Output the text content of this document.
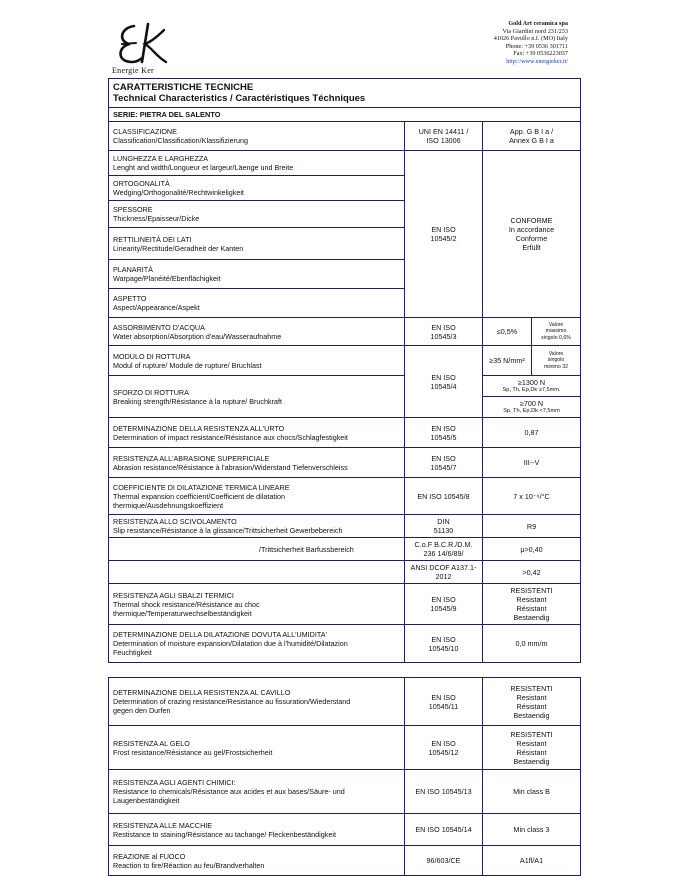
Energie Ker
Gold Art ceramica spa
Via Giardini nord 231/233
41026 Pavullo n.f. (MO) Italy
Phone: +39 0536 301711
Fax: +39 0536223037
http://www.energieker.it/
CARATTERISTICHE TECNICHE
Technical Characteristics / Caractéristiques Téchniques			

SERIE: PIETRA DEL SALENTO			

CLASSIFICAZIONE
Classification/Classification/Klassifizierung	UNI EN 14411 /
ISO 13006	App. G B I a /
Annex G B I a	

LUNGHEZZA E LARGHEZZA
Lenght and width/Longueur et largeur/Läenge und Breite	EN ISO
10545/2	CONFORME
In accordance
Conforme
Erfüllt	

ORTOGONALITÀ
Wedging/Orthogonalité/Rechtwinkeligkeit			

SPESSORE
Thickness/Epaisseur/Dicke			

RETTILINEITÀ DEI LATI
Linearity/Rectitude/Geradheit der Kanten			

PLANARITÀ
Warpage/Planéité/Ebenflächigkeit			

ASPETTO
Aspect/Appearance/Aspekt			

ASSORBIMENTO D'ACQUA
Water absorption/Absorption d'eau/Wasseraufnahme	EN ISO
10545/3	≤0,5%	Valore
massimo
singolo 0,6%

MODULO DI ROTTURA
Modul of rupture/ Module de rupture/ Bruchlast	EN ISO
10545/4	≥35 N/mm²	Valore
singolo
minimo 32

SFORZO DI ROTTURA
Breaking strength/Résistance à la rupture/ Bruchkraft		≥1300 N
Sp, Th, Ep,Dk ≥7,5mm.	

		≥700 N
Sp, Th, Ep,Dk <7,5mm	

DETERMINAZIONE DELLA RESISTENZA ALL'URTO
Determination of impact resistance/Résistance aux chocs/Schlagfestigkeit	EN ISO
10545/5	0,87	

RESISTENZA ALL'ABRASIONE SUPERFICIALE
Abrasion resistance/Résistance à l'abrasion/Widerstand Tiefenverschleiss	EN ISO
10545/7	III--V	

COEFFICIENTE DI DILATAZIONE TERMICA LINEARE
Thermal expansion coefficient/Coefficient de dilatation
thermique/Ausdehnungskoeffizient	EN ISO 10545/8	7 x 10⁻⁶/°C	

RESISTENZA ALLO SCIVOLAMENTO
Slip resistance/Résistance à la glissance/Trittsicherheit Gewerbebereich	DIN
51130	R9	
/Trittsicherheit Barfussbereich	C.o.F B.C.R./D.M.
236 14/6/89/	μ>0,40	

	ANSI DCOF A137.1-
2012	>0,42	

RESISTENZA AGLI SBALZI TERMICI
Thermal shock resistance/Résistance au choc
thermique/Temperaturwechselbeständigkeit	EN ISO
10545/9	RESISTENTI
Resistant
Résistant
Bestaendig	

DETERMINAZIONE DELLA DILATAZIONE DOVUTA ALL'UMIDITA'
Determination of moisture expansion/Dilatation due à l'humidité/Dilatazion
Feuchtigkeit	EN ISO
10545/10	0,0 mm/m	
DETERMINAZIONE DELLA RESISTENZA AL CAVILLO
Determination of crazing resistance/Resistance au fissuration/Wiederstand
gegen den Durfen	EN ISO
10545/11	RESISTENTI
Resistant
Résistant
Bestaendig

RESISTENZA AL GELO
Frost resistance/Résistance au gel/Frostsicherheit	EN ISO
10545/12	RESISTENTI
Resistant
Résistant
Bestaendig

RESISTENZA AGLI AGENTI CHIMICI:
Resistance to chemicals/Résistance aux acides et aux bases/Säure- und
Laugenbeständigkeit	EN ISO 10545/13	Min class B

RESISTENZA ALLE MACCHIE
Restistance to staining/Résistance au tachange/ Fleckenbeständigkeit	EN ISO 10545/14	Min class 3

REAZIONE al FUOCO
Reaction to fire/Réaction au feu/Brandverhalten	96/603/CE	A1fl/A1
